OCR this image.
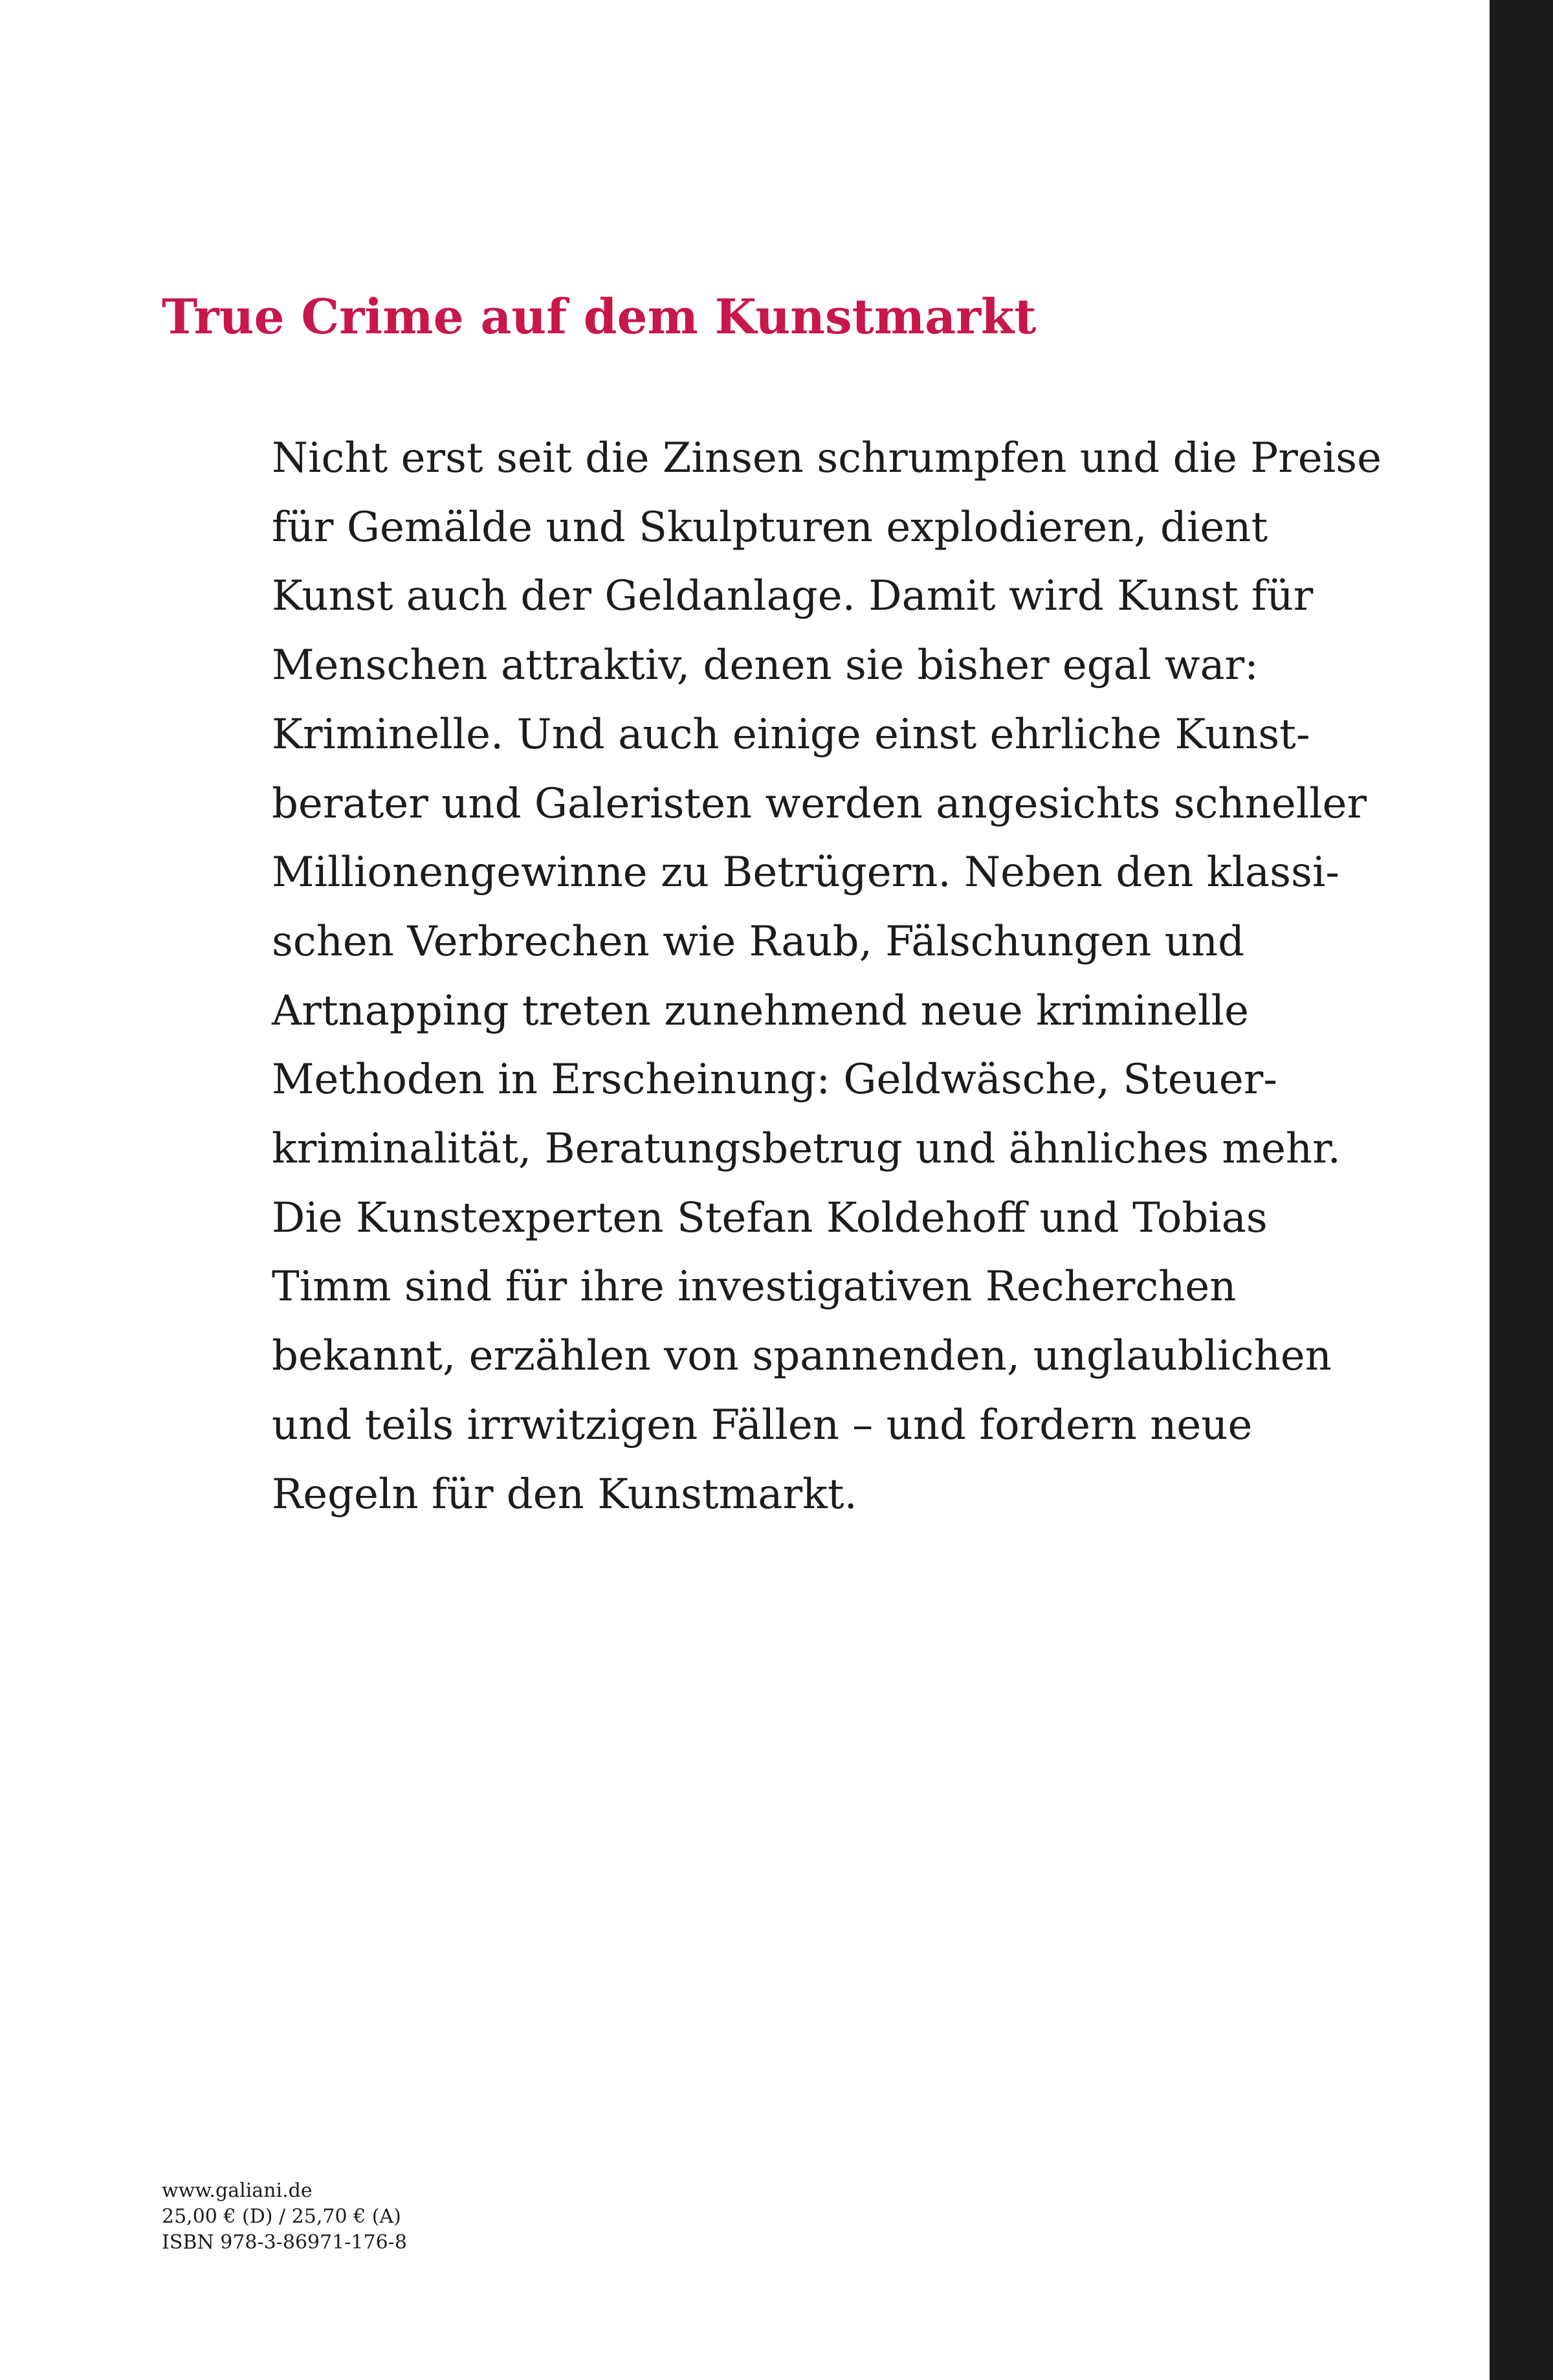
True Crime auf dem Kunstmarkt
Nicht erst seit die Zinsen schrumpfen und die Preise
für Gemälde und Skulpturen explodieren, dient
Kunst auch der Geldanlage. Damit wird Kunst für
Menschen attraktiv, denen sie bisher egal war:
Kriminelle. Und auch einige einst ehrliche Kunst-
berater und Galeristen werden angesichts schneller
Millionengewinne zu Betrügern. Neben den klassi-
schen Verbrechen wie Raub, Fälschungen und
Artnapping treten zunehmend neue kriminelle
Methoden in Erscheinung: Geldwäsche, Steuer-
kriminalität, Beratungsbetrug und ähnliches mehr.
Die Kunstexperten Stefan Koldehoff und Tobias
Timm sind für ihre investigativen Recherchen
bekannt, erzählen von spannenden, unglaublichen
und teils irrwitzigen Fällen – und fordern neue
Regeln für den Kunstmarkt.
www.galiani.de
25,00 € (D) / 25,70 € (A)
ISBN 978-3-86971-176-8
